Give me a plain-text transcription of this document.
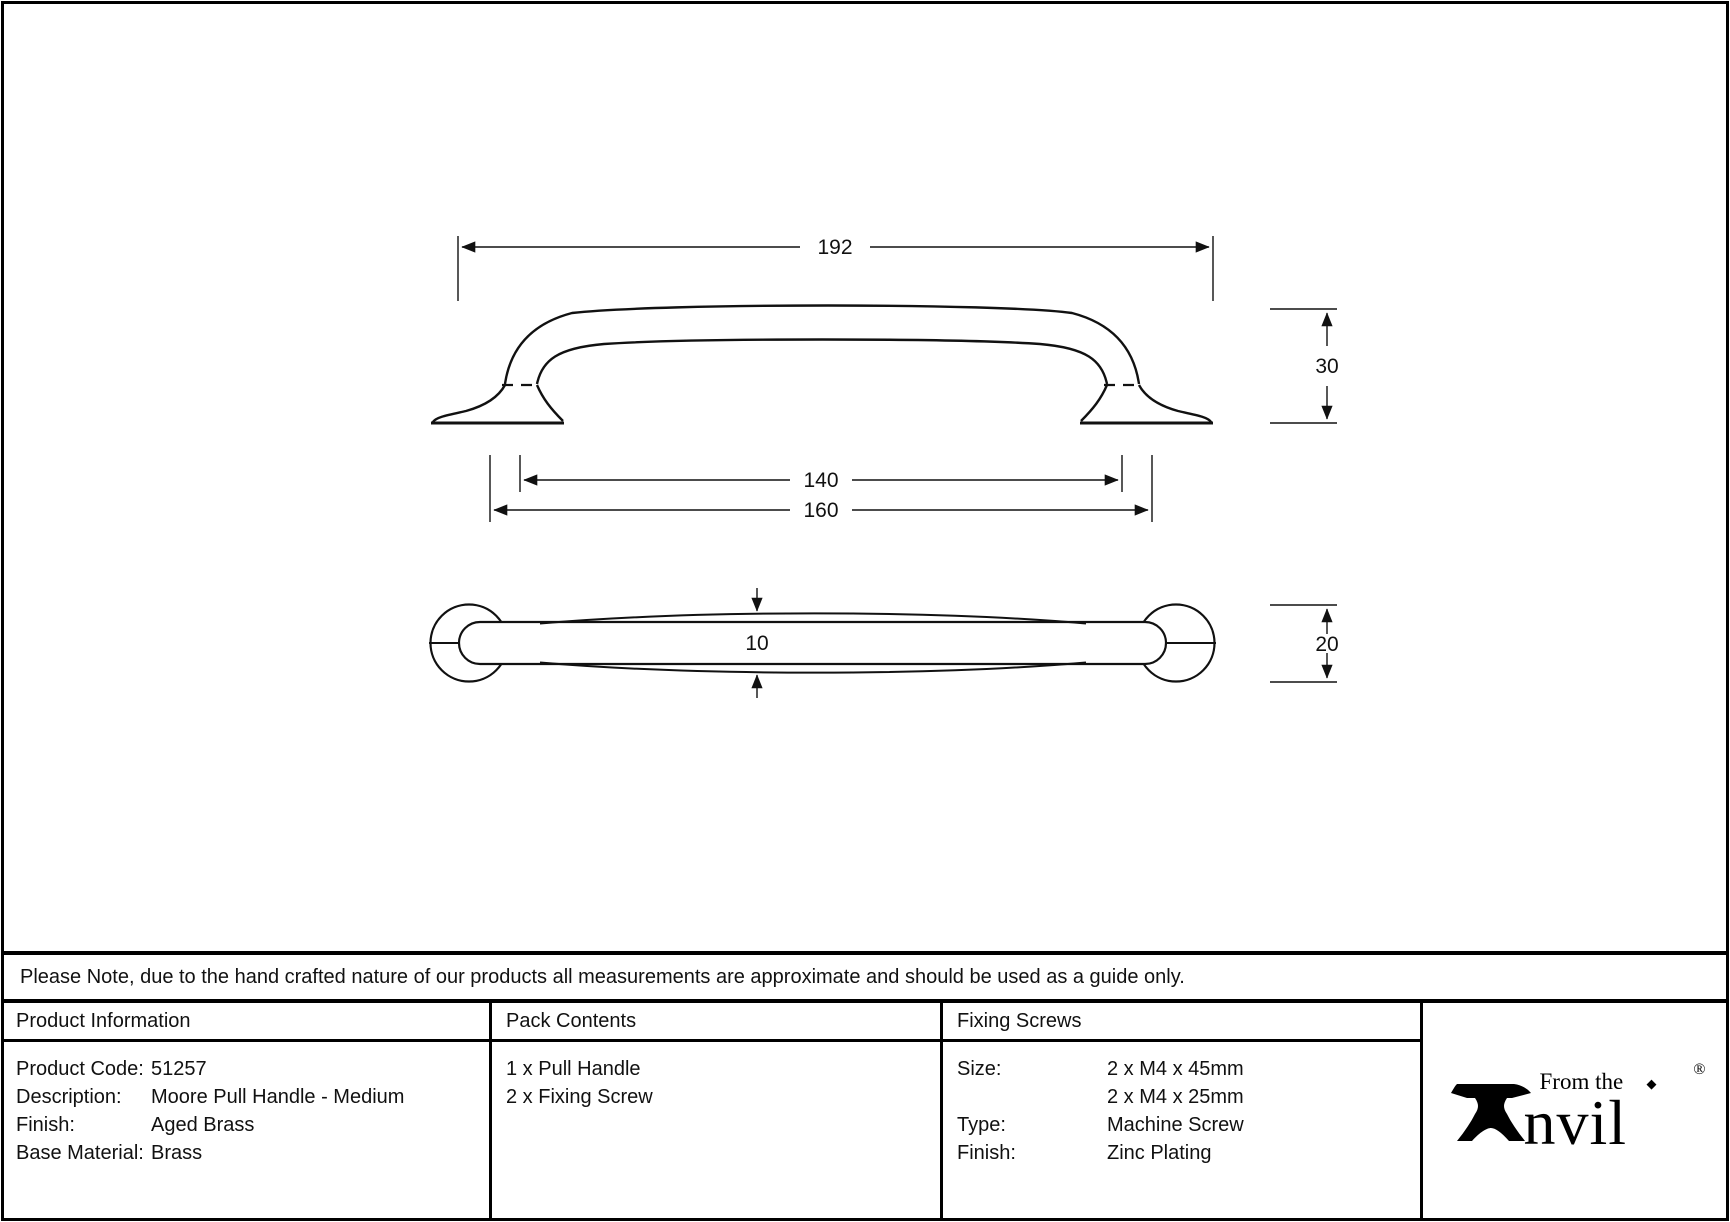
192
30
140
160
10	20
Please Note, due to the hand crafted nature of our products all measurements are approximate and should be used as a guide only.
Product Information
Product Code: 51257
Description:	Moore Pull Handle - Medium
Finish:	Aged Brass
Base Material: Brass
Pack Contents
1 x Pull Handle
2 x Fixing Screw
Fixing Screws
Size:	2 x M4 x 45mm
2 x M4 x 25mm
Type:	Machine Screw
Finish:	Zinc Plating
From the ◆
nvil
®
